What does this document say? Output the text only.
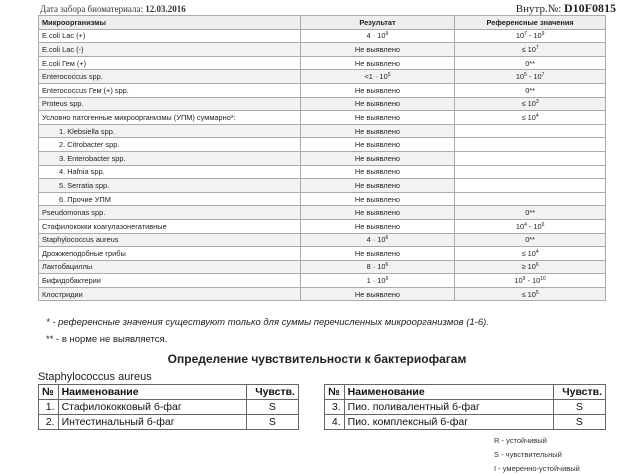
Дата забора биоматериала: 12.03.2016	Внутр.№: D10F0815
Микроорганизмы	Результат	Референсные значения
E.coli Lac (+)	$4 \cdot 10^9$	$10^7 - 10^9$
E.coli Lac (-)	Не выявлено	≤ $10^7$
E.coli Гем (+)	Не выявлено	0**
Enterococcus spp.	$<1 \cdot 10^5$	$10^5 - 10^7$
Enterococcus Гем (+) spp.	Не выявлено	0**
Proteus spp.	Не выявлено	≤ $10^3$
Условно патогенные микроорганизмы (УПМ) суммарно*:	Не выявлено	≤ $10^4$
1. Klebsiella spp.	Не выявлено	
2. Citrobacter spp.	Не выявлено	
3. Enterobacter spp.	Не выявлено	
4. Hafnia spp.	Не выявлено	
5. Serratia spp.	Не выявлено	
6. Прочие УПМ	Не выявлено	
Pseudomonas spp.	Не выявлено	0**
Стафилококки коагулазонегативные	Не выявлено	$10^4 - 10^6$
Staphylococcus aureus	$4 \cdot 10^6$	0**
Дрожжеподобные грибы	Не выявлено	≤ $10^4$
Лактобациллы	$8 \cdot 10^6$	≥ $10^6$
Бифидобактерии	$1 \cdot 10^9$	$10^9 - 10^{10}$
Клостридии	Не выявлено	≤ $10^5$
* - референсные значения существуют только для суммы перечисленных микроорганизмов (1-6).
** - в норме не выявляется.
Определение чувствительности к бактериофагам
Staphylococcus aureus
№	Наименование	Чувств.		№	Наименование	Чувств.
1.	Стафилококковый б-фаг	S		3.	Пио. поливалентный б-фаг	S
2.	Интестинальный б-фаг	S		4.	Пио. комплексный б-фаг	S
R - устойчивый
S - чувствительный
I - умеренно-устойчивый
